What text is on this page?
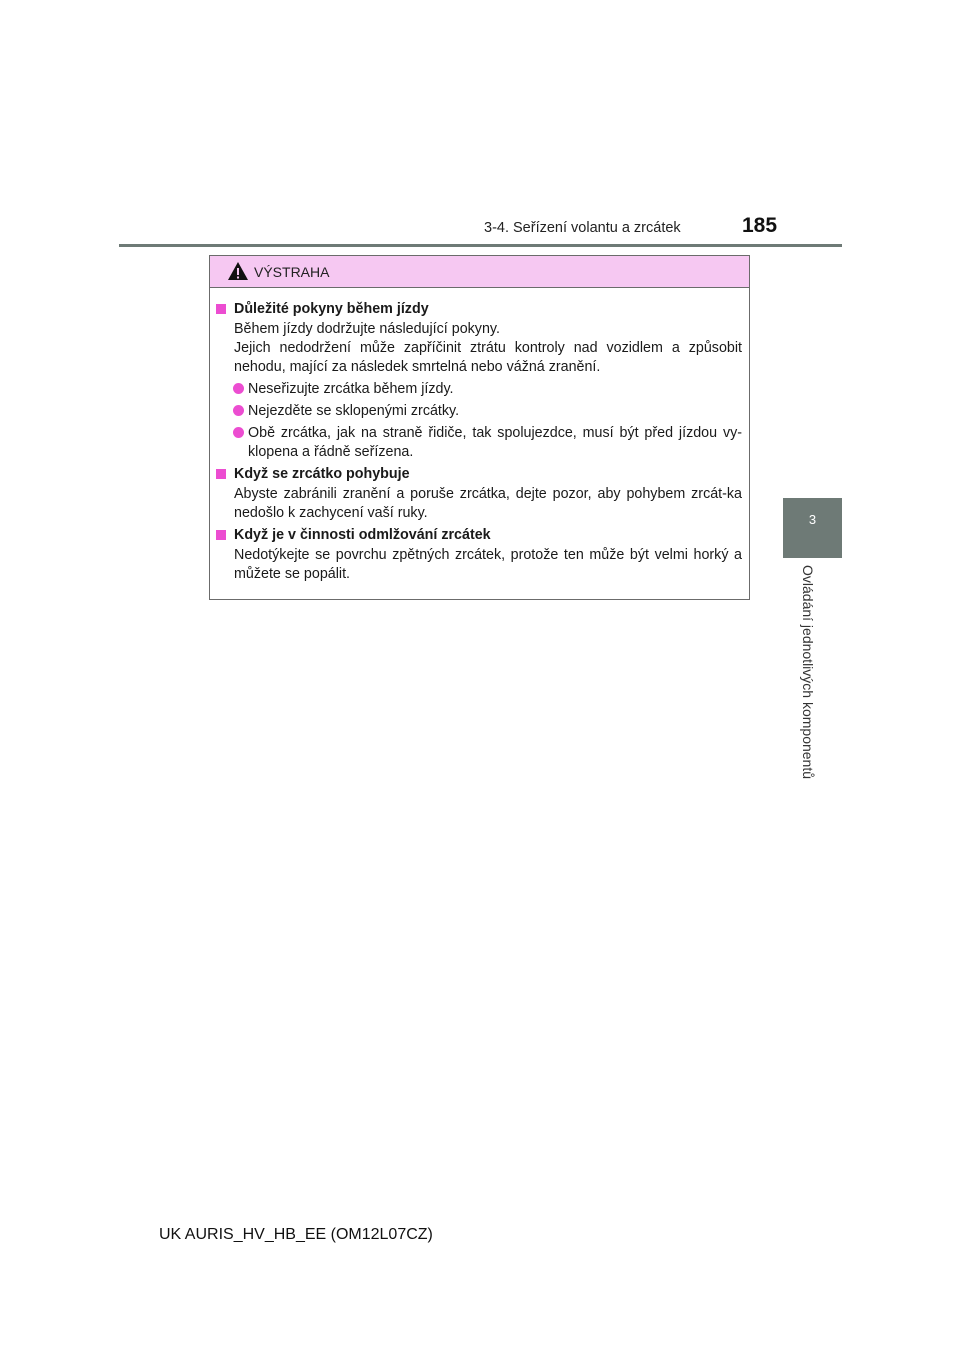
3-4. Seřízení volantu a zrcátek	185
3
Ovládání jednotlivých komponentů
VÝSTRAHA
Důležité pokyny během jízdy
Během jízdy dodržujte následující pokyny.
Jejich nedodržení může zapříčinit ztrátu kontroly nad vozidlem a způsobit nehodu, mající za následek smrtelná nebo vážná zranění.
Neseřizujte zrcátka během jízdy.
Nejezděte se sklopenými zrcátky.
Obě zrcátka, jak na straně řidiče, tak spolujezdce, musí být před jízdou vy-klopena a řádně seřízena.
Když se zrcátko pohybuje
Abyste zabránili zranění a poruše zrcátka, dejte pozor, aby pohybem zrcát-ka nedošlo k zachycení vaší ruky.
Když je v činnosti odmlžování zrcátek
Nedotýkejte se povrchu zpětných zrcátek, protože ten může být velmi horký a můžete se popálit.
UK AURIS_HV_HB_EE (OM12L07CZ)
